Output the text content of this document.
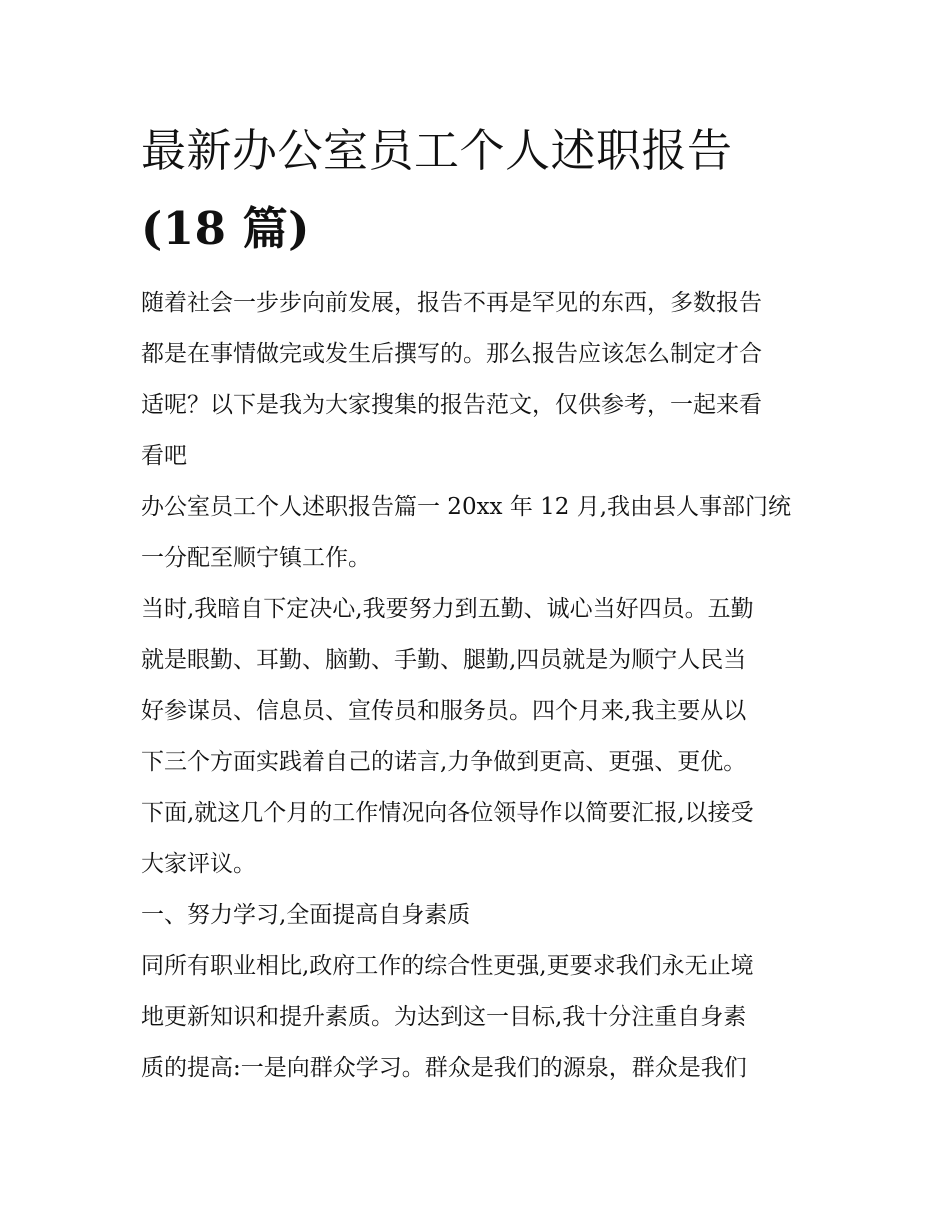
最新办公室员工个人述职报告
(18 篇)

随着社会一步步向前发展，报告不再是罕见的东西，多数报告
都是在事情做完或发生后撰写的。那么报告应该怎么制定才合
适呢？以下是我为大家搜集的报告范文，仅供参考，一起来看
看吧

办公室员工个人述职报告篇一 20xx 年 12 月,我由县人事部门统
一分配至顺宁镇工作。

当时,我暗自下定决心,我要努力到五勤、诚心当好四员。五勤
就是眼勤、耳勤、脑勤、手勤、腿勤,四员就是为顺宁人民当
好参谋员、信息员、宣传员和服务员。四个月来,我主要从以
下三个方面实践着自己的诺言,力争做到更高、更强、更优。
下面,就这几个月的工作情况向各位领导作以简要汇报,以接受
大家评议。

一、努力学习,全面提高自身素质

同所有职业相比,政府工作的综合性更强,更要求我们永无止境
地更新知识和提升素质。为达到这一目标,我十分注重自身素
质的提高:一是向群众学习。群众是我们的源泉，群众是我们
